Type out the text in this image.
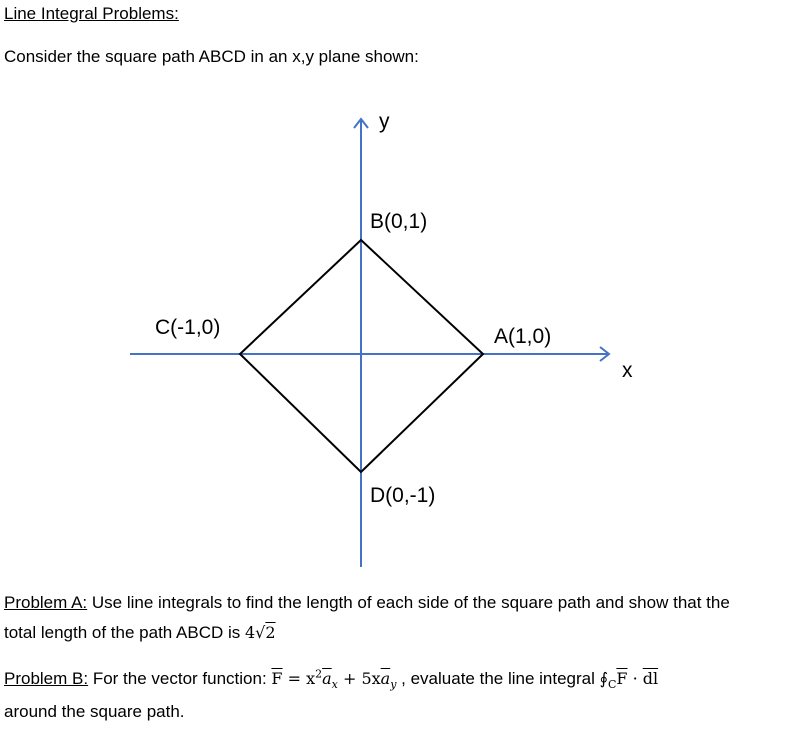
Line Integral Problems:
Consider the square path ABCD in an x,y plane shown:
y
x
B(0,1)
C(-1,0)	A(1,0)
D(0,-1)
Problem A: Use line integrals to find the length of each side of the square path and show that the
total length of the path ABCD is 4√2
Problem B: For the vector function: $\overline{F} = x^2\overline{a}_x + 5x\overline{a}_y$ , evaluate the line integral $∮_C\overline{F} \cdot \overline{dl}$
around the square path.
